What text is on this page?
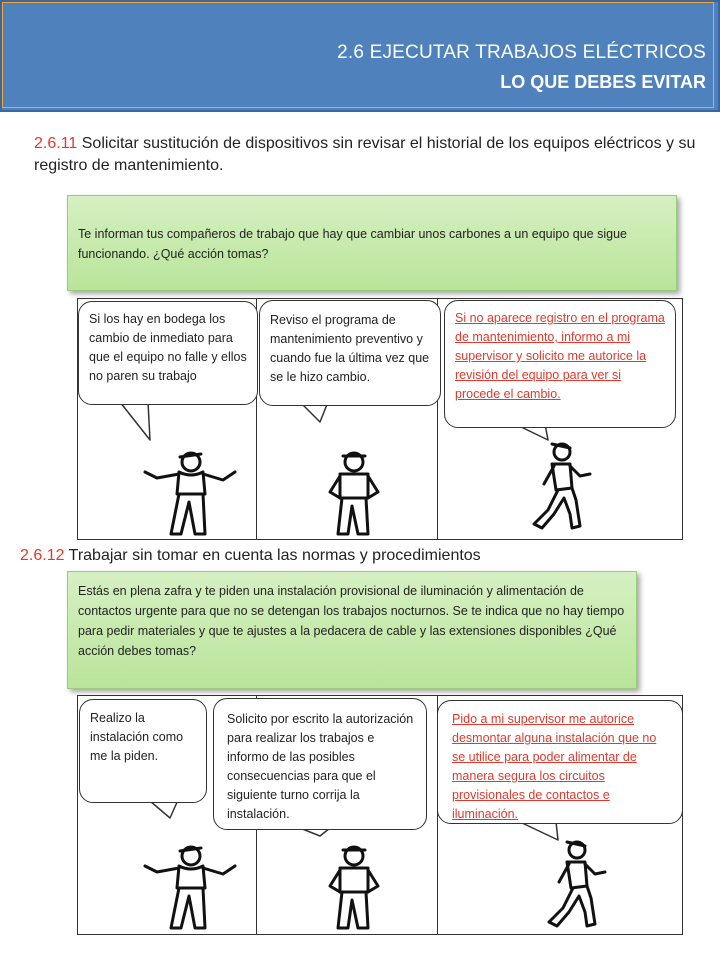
2.6 EJECUTAR TRABAJOS ELÉCTRICOS
LO QUE DEBES EVITAR
2.6.11 Solicitar sustitución de dispositivos sin revisar el historial de los equipos eléctricos y su registro de mantenimiento.
Te informan tus compañeros de trabajo que hay que cambiar unos carbones a un equipo que sigue funcionando. ¿Qué acción tomas?
Si los hay en bodega los cambio de inmediato para que el equipo no falle y ellos no paren su trabajo
Reviso el programa de mantenimiento preventivo y cuando fue la última vez que se le hizo cambio.
Si no aparece registro en el programa de mantenimiento, informo a mi supervisor y solicito me autorice la revisión del equipo para ver si procede el cambio.
2.6.12 Trabajar sin tomar en cuenta las normas y procedimientos
Estás en plena zafra y te piden una instalación provisional de iluminación y alimentación de contactos urgente para que no se detengan los trabajos nocturnos. Se te indica que no hay tiempo para pedir materiales y que te ajustes a la pedacera de cable y las extensiones disponibles ¿Qué acción debes tomas?
Realizo la instalación como me la piden.
Solicito por escrito la autorización para realizar los trabajos e informo de las posibles consecuencias para que el siguiente turno corrija la instalación.
Pido a mi supervisor me autorice desmontar alguna instalación que no se utilice para poder alimentar de manera segura los circuitos provisionales de contactos e iluminación.
